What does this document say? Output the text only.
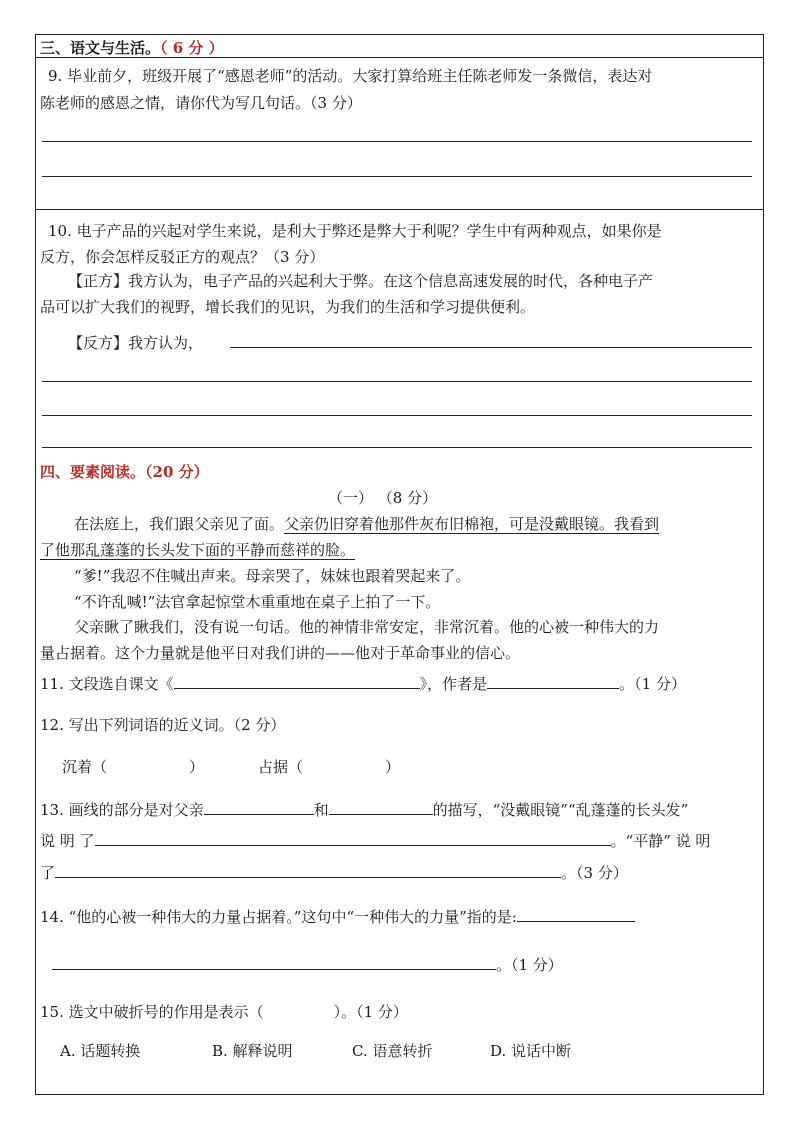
三、语文与生活。（ 6 分 ）
9. 毕业前夕，班级开展了“感恩老师”的活动。大家打算给班主任陈老师发一条微信，表达对
陈老师的感恩之情，请你代为写几句话。（3 分）
10. 电子产品的兴起对学生来说，是利大于弊还是弊大于利呢？学生中有两种观点，如果你是
反方，你会怎样反驳正方的观点？（3 分）
【正方】我方认为，电子产品的兴起利大于弊。在这个信息高速发展的时代，各种电子产
品可以扩大我们的视野，增长我们的见识，为我们的生活和学习提供便利。
【反方】我方认为，
四、要素阅读。（20 分）
（一） （8 分）
在法庭上，我们跟父亲见了面。父亲仍旧穿着他那件灰布旧棉袍，可是没戴眼镜。我看到
了他那乱蓬蓬的长头发下面的平静而慈祥的脸。
“爹!”我忍不住喊出声来。母亲哭了，妹妹也跟着哭起来了。
“不许乱喊!”法官拿起惊堂木重重地在桌子上拍了一下。
父亲瞅了瞅我们，没有说一句话。他的神情非常安定，非常沉着。他的心被一种伟大的力
量占据着。这个力量就是他平日对我们讲的——他对于革命事业的信心。
11. 文段选自课文《	》，作者是	。（1 分）
12. 写出下列词语的近义词。（2 分）
沉着（	）	占据（	）
13. 画线的部分是对父亲	和	的描写，“没戴眼镜”“乱蓬蓬的长头发”
说 明 了	。“平静” 说 明
了	。（3 分）
14. “他的心被一种伟大的力量占据着。”这句中“一种伟大的力量”指的是:
。（1 分）
15. 选文中破折号的作用是表示（	）。（1 分）
A. 话题转换	B. 解释说明	C. 语意转折	D. 说话中断
